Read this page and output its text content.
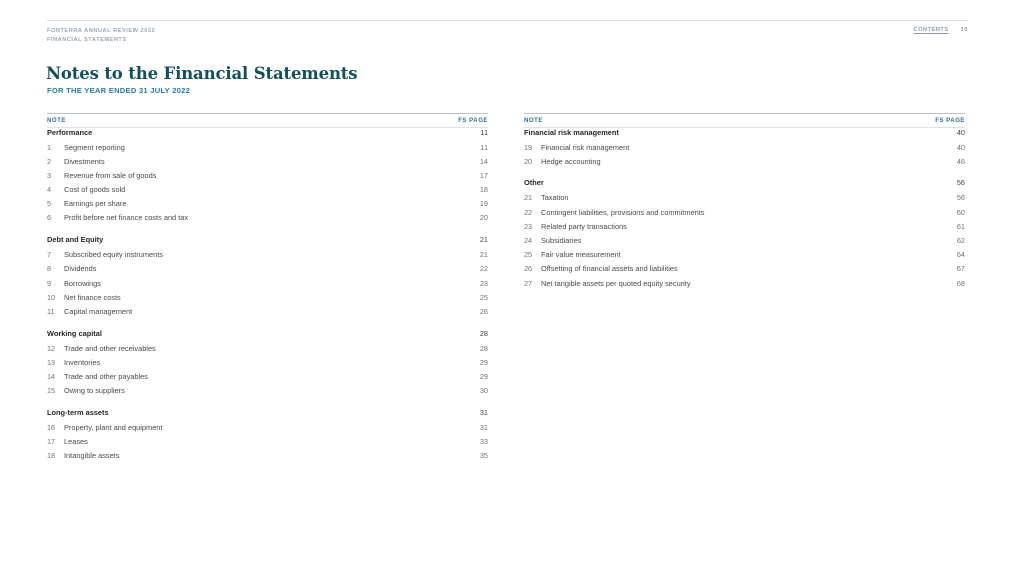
FONTERRA ANNUAL REVIEW 2022
FINANCIAL STATEMENTS
CONTENTS 10
Notes to the Financial Statements
FOR THE YEAR ENDED 31 JULY 2022
NOTE	FS PAGE
Performance	11
1	Segment reporting	11
2	Divestments	14
3	Revenue from sale of goods	17
4	Cost of goods sold	18
5	Earnings per share	19
6	Profit before net finance costs and tax	20
Debt and Equity	21
7	Subscribed equity instruments	21
8	Dividends	22
9	Borrowings	23
10	Net finance costs	25
11	Capital management	26
Working capital	28
12	Trade and other receivables	28
13	Inventories	29
14	Trade and other payables	29
15	Owing to suppliers	30
Long-term assets	31
16	Property, plant and equipment	31
17	Leases	33
18	Intangible assets	35
NOTE	FS PAGE
Financial risk management	40
19	Financial risk management	40
20	Hedge accounting	46
Other	56
21	Taxation	56
22	Contingent liabilities, provisions and commitments	60
23	Related party transactions	61
24	Subsidiaries	62
25	Fair value measurement	64
26	Offsetting of financial assets and liabilities	67
27	Net tangible assets per quoted equity security	68
